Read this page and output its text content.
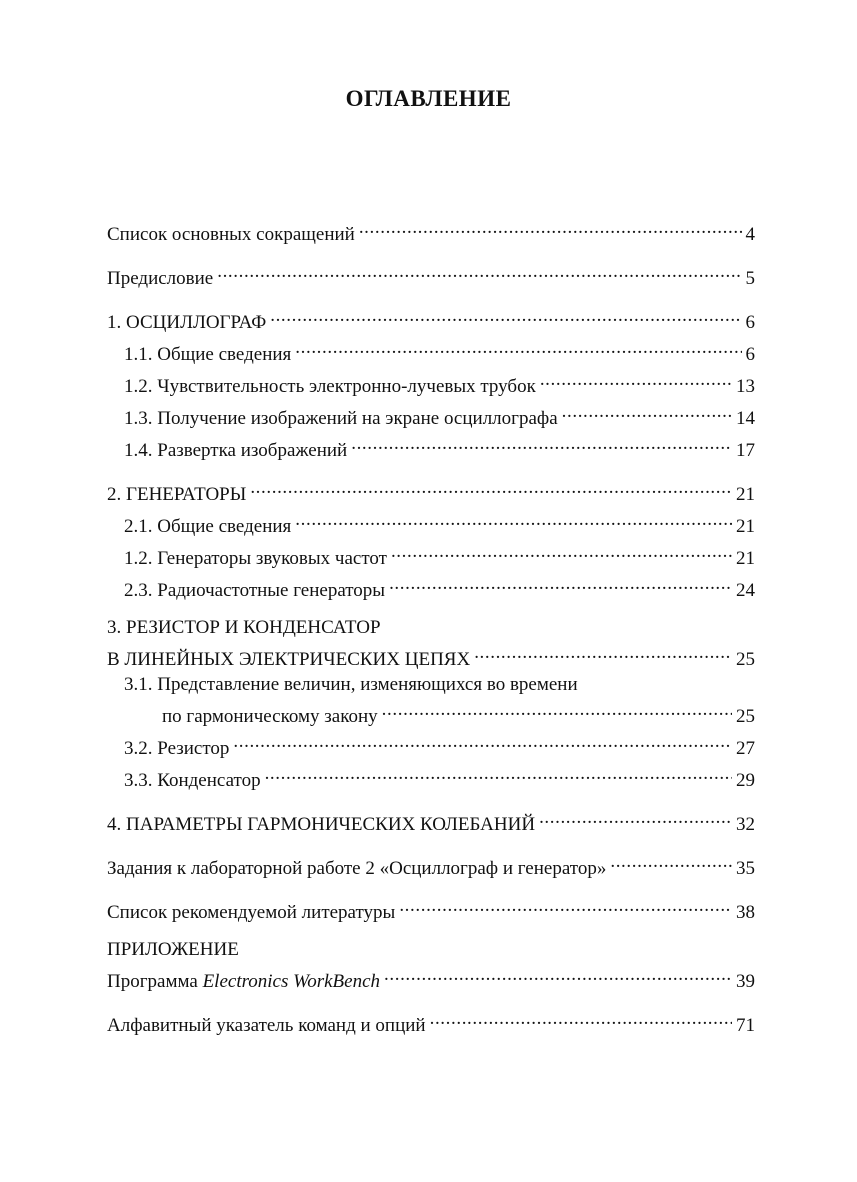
ОГЛАВЛЕНИЕ
Список основных сокращений .....	4
Предисловие .....	5
1. ОСЦИЛЛОГРАФ .....	6
1.1. Общие сведения .....	6
1.2. Чувствительность электронно-лучевых трубок .....	13
1.3. Получение изображений на экране осциллографа .....	14
1.4. Развертка изображений .....	17
2. ГЕНЕРАТОРЫ .....	21
2.1. Общие сведения .....	21
1.2. Генераторы звуковых частот .....	21
2.3. Радиочастотные генераторы .....	24
3. РЕЗИСТОР И КОНДЕНСАТОР
В ЛИНЕЙНЫХ ЭЛЕКТРИЧЕСКИХ ЦЕПЯХ .....	25
3.1. Представление величин, изменяющихся во времени
по гармоническому закону .....	25
3.2. Резистор .....	27
3.3. Конденсатор .....	29
4. ПАРАМЕТРЫ ГАРМОНИЧЕСКИХ КОЛЕБАНИЙ .....	32
Задания к лабораторной работе 2 «Осциллограф и генератор» .....	35
Список рекомендуемой литературы .....	38
ПРИЛОЖЕНИЕ
Программа Electronics WorkBench .....	39
Алфавитный указатель команд и опций .....	71
